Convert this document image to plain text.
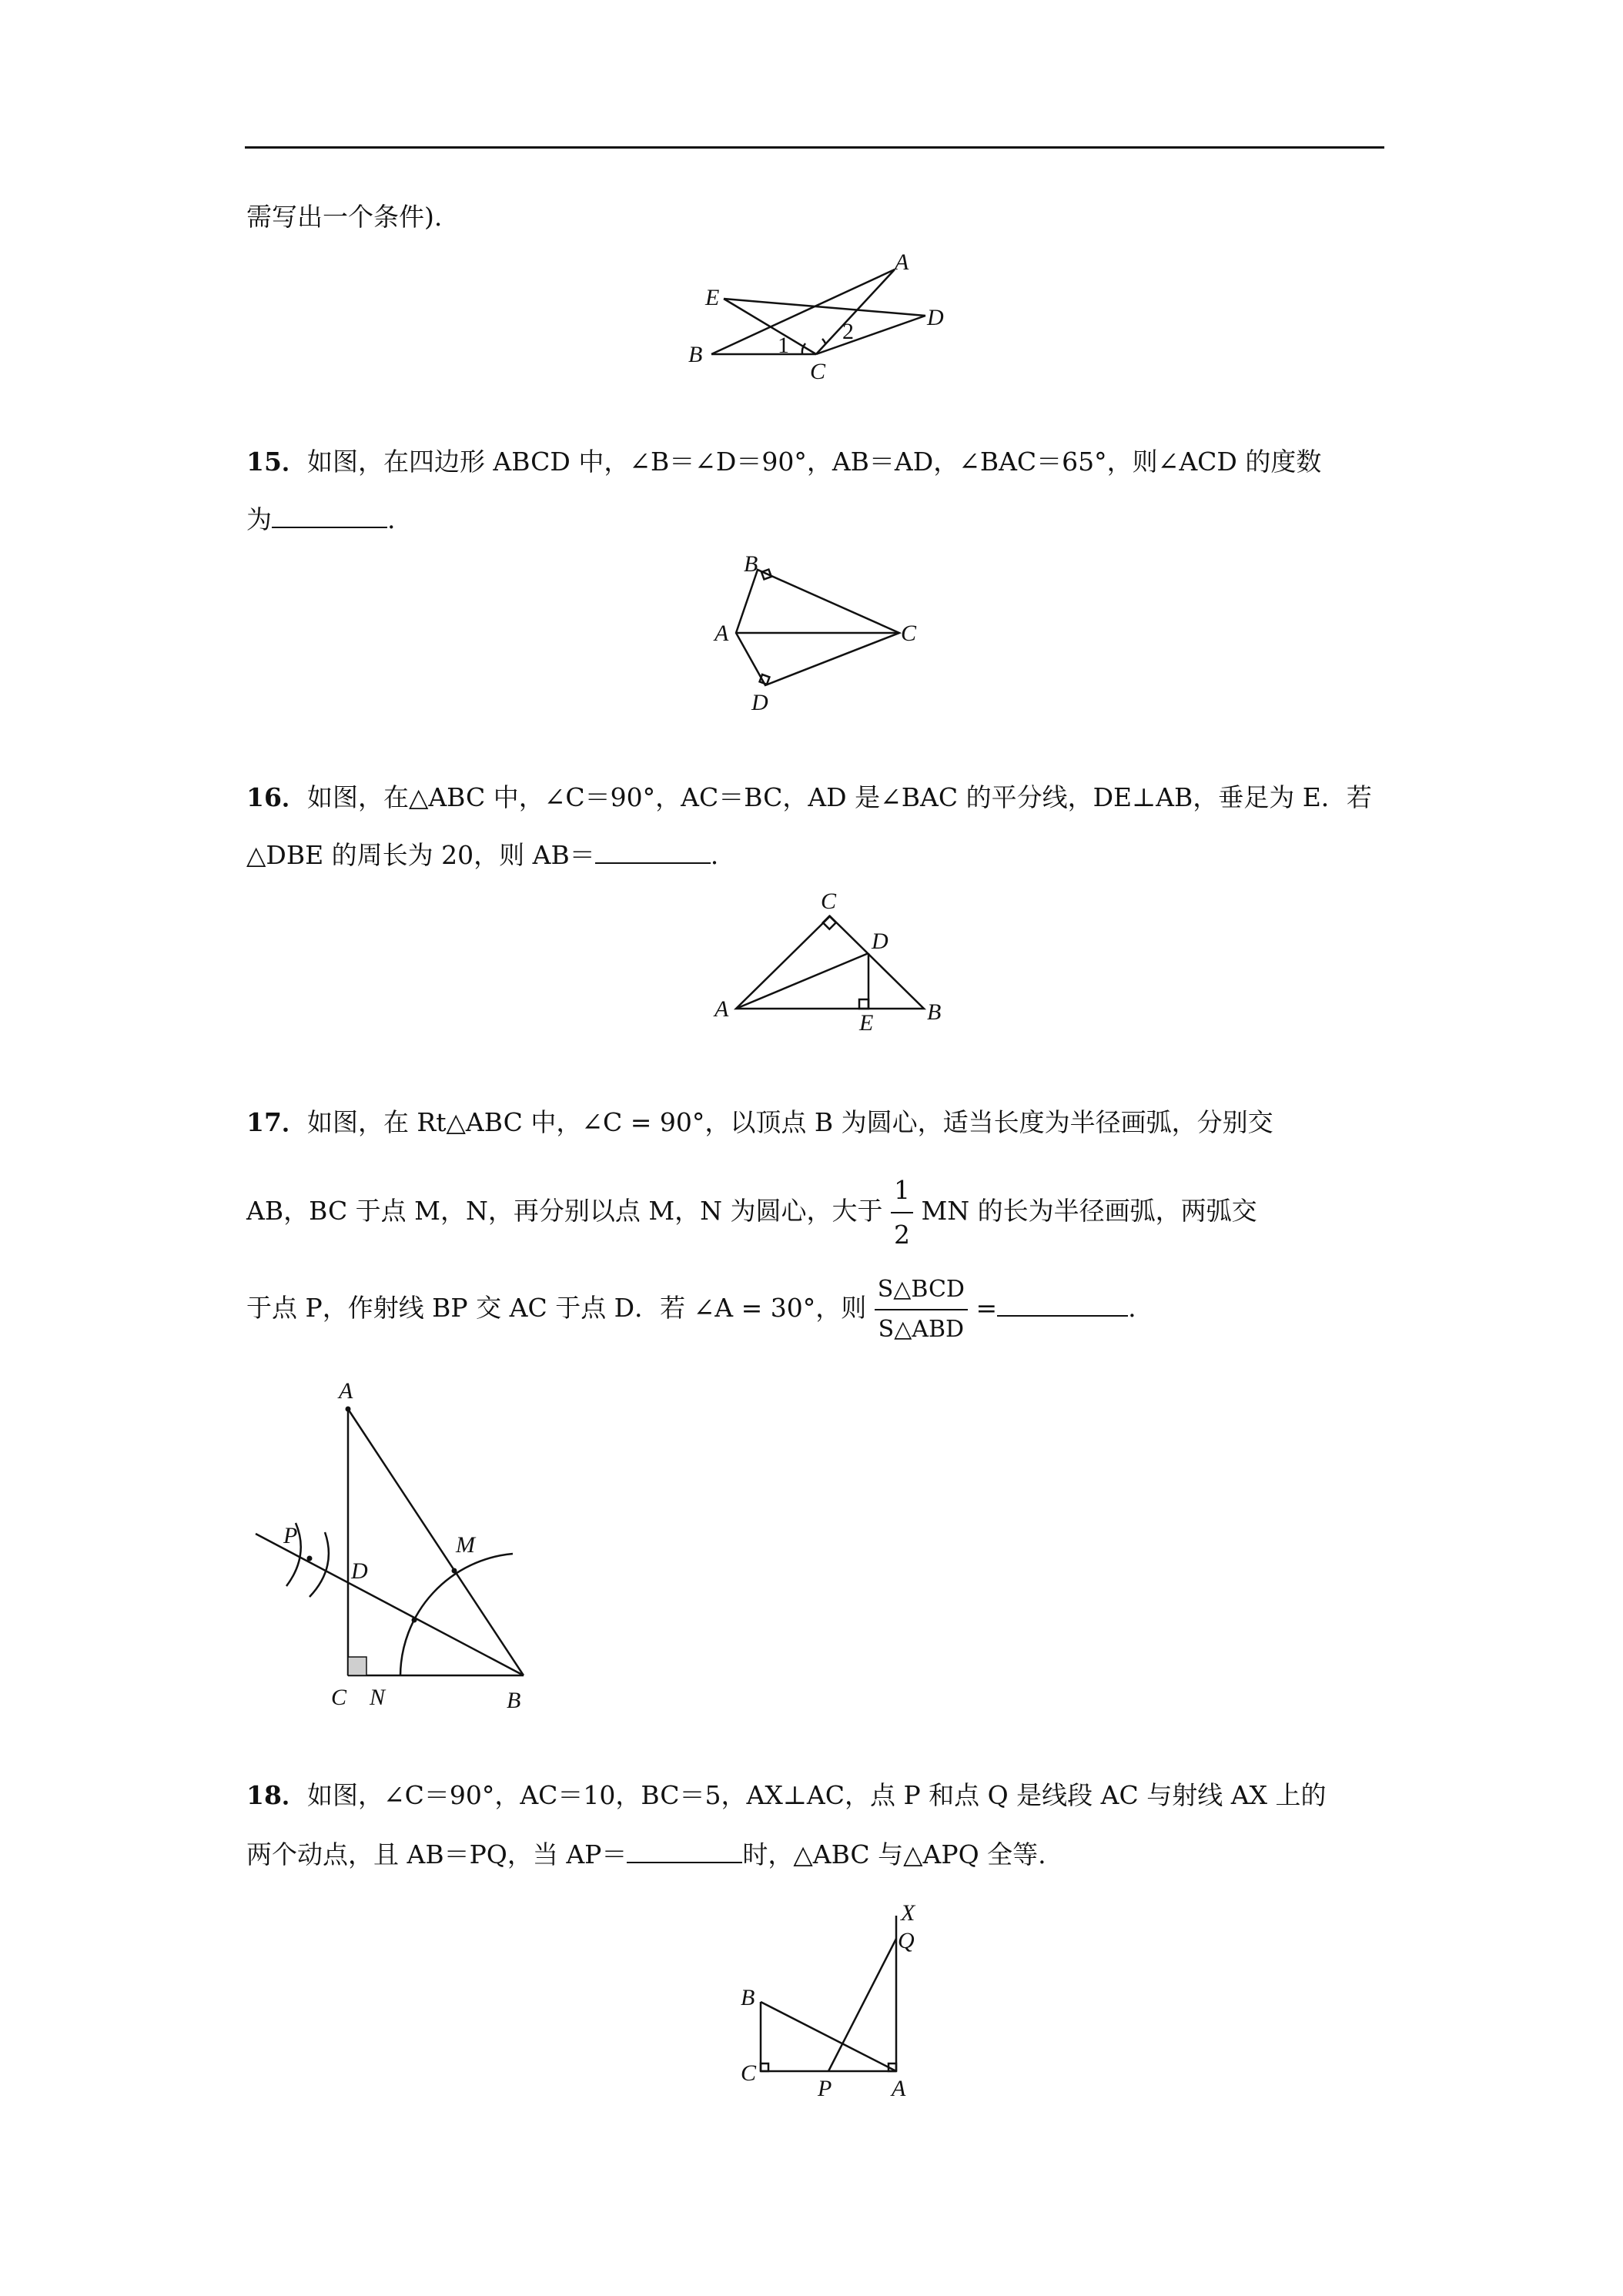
需写出一个条件).
A
E
D
B
C
1
2
15．如图，在四边形 ABCD 中，∠B＝∠D＝90°，AB＝AD，∠BAC＝65°，则∠ACD 的度数
为	.
B
A	C
D
16．如图，在△ABC 中，∠C＝90°，AC＝BC，AD 是∠BAC 的平分线，DE⊥AB，垂足为 E．若
△DBE 的周长为 20，则 AB＝	.
C
D
A
E B
17．如图，在 Rt△ABC 中，∠C = 90°，以顶点 B 为圆心，适当长度为半径画弧，分别交
AB，BC 于点 M，N，再分别以点 M，N 为圆心，大于 $\frac{1}{2}$ MN 的长为半径画弧，两弧交
于点 P，作射线 BP 交 AC 于点 D．若 ∠A = 30°，则 $\frac{\text{S△BCD}}{\text{S△ABD}}$ =	.
A
P	M
D
C N	B
18．如图，∠C＝90°，AC＝10，BC＝5，AX⊥AC，点 P 和点 Q 是线段 AC 与射线 AX 上的
两个动点，且 AB＝PQ，当 AP＝	时，△ABC 与△APQ 全等.
X
Q
B
C
P	A
